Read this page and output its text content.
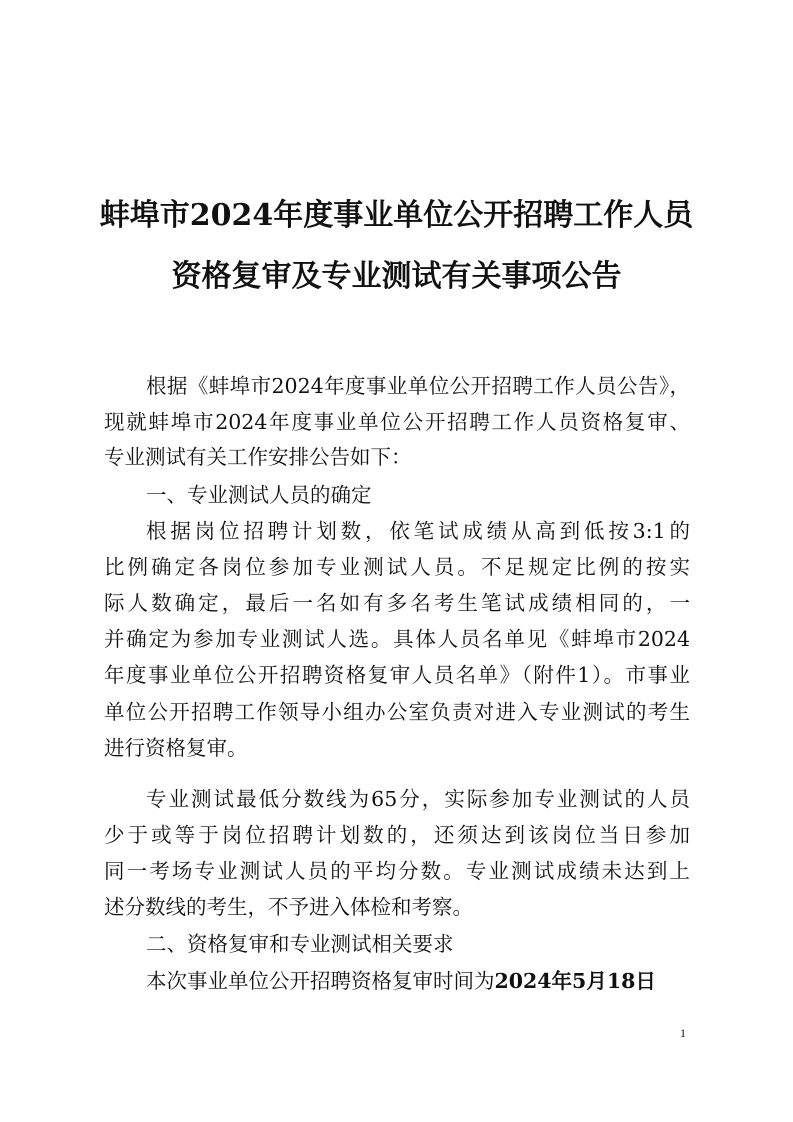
蚌埠市2024年度事业单位公开招聘工作人员
资格复审及专业测试有关事项公告
根据《蚌埠市2024年度事业单位公开招聘工作人员公告》，
现就蚌埠市2024年度事业单位公开招聘工作人员资格复审、
专业测试有关工作安排公告如下：
一、专业测试人员的确定
根据岗位招聘计划数，依笔试成绩从高到低按3:1的
比例确定各岗位参加专业测试人员。不足规定比例的按实
际人数确定，最后一名如有多名考生笔试成绩相同的，一
并确定为参加专业测试人选。具体人员名单见《蚌埠市2024
年度事业单位公开招聘资格复审人员名单》（附件1）。市事业
单位公开招聘工作领导小组办公室负责对进入专业测试的考生
进行资格复审。
专业测试最低分数线为65分，实际参加专业测试的人员
少于或等于岗位招聘计划数的，还须达到该岗位当日参加
同一考场专业测试人员的平均分数。专业测试成绩未达到上
述分数线的考生，不予进入体检和考察。
二、资格复审和专业测试相关要求
本次事业单位公开招聘资格复审时间为2024年5月18日
1
